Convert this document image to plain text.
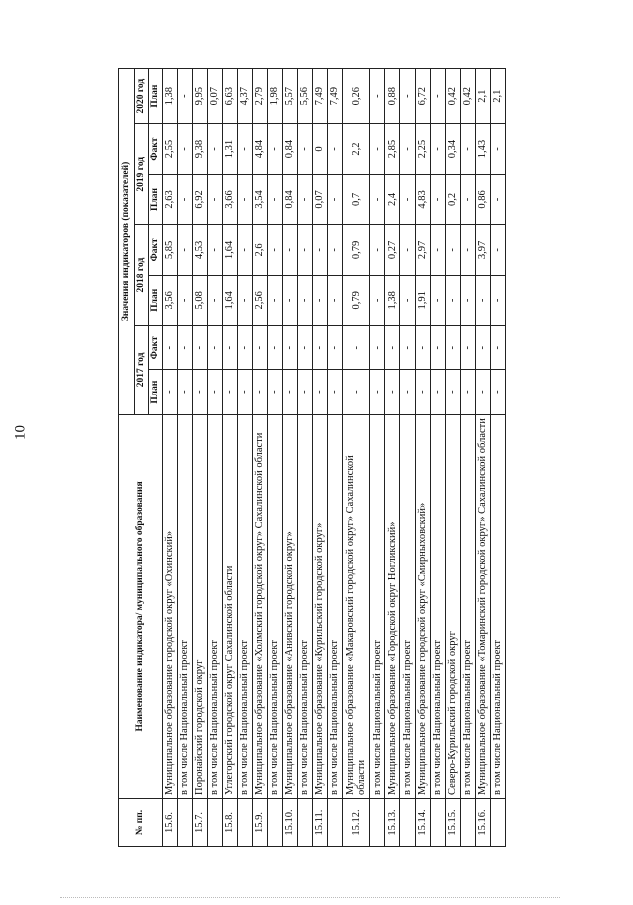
10
№ пп.	Наименование индикатора/ муниципального образования	Значения индикаторов (показателей)						
		2017 год		2018 год		2019 год		2020 год
		План	Факт	План	Факт	План	Факт	План
15.6.	Муниципальное образование городской округ «Охинский»	-	-	3,56	5,85	2,63	2,55	1,38
	в том числе Национальный проект	-	-	-	-	-	-	-
15.7.	Поронайский городской округ	-	-	5,08	4,53	6,92	9,38	9,95
	в том числе Национальный проект	-	-	-	-	-	-	0,07
15.8.	Углегорский городской округ Сахалинской области	-	-	1,64	1,64	3,66	1,31	6,63
	в том числе Национальный проект	-	-	-	-	-	-	4,37
15.9.	Муниципальное образование «Холмский городской округ» Сахалинской области	-	-	2,56	2,6	3,54	4,84	2,79
	в том числе Национальный проект	-	-	-	-	-	-	1,98
15.10.	Муниципальное образование «Анивский городской округ»	-	-	-	-	0,84	0,84	5,57
	в том числе Национальный проект	-	-	-	-	-	-	5,56
15.11.	Муниципальное образование «Курильский городской округ»	-	-	-	-	0,07	0	7,49
	в том числе Национальный проект	-	-	-	-	-	-	7,49
15.12.	Муниципальное образование «Макаровский городской округ» Сахалинской области	-	-	0,79	0,79	0,7	2,2	0,26
	в том числе Национальный проект	-	-	-	-	-	-	-
15.13.	Муниципальное образование «Городской округ Ногликский»	-	-	1,38	0,27	2,4	2,85	0,88
	в том числе Национальный проект	-	-	-	-	-	-	-
15.14.	Муниципальное образование городской округ «Смирныховский»	-	-	1,91	2,97	4,83	2,25	6,72
	в том числе Национальный проект	-	-	-	-	-	-	-
15.15.	Северо-Курильский городской округ	-	-	-	-	0,2	0,34	0,42
	в том числе Национальный проект	-	-	-	-	-	-	0,42
15.16.	Муниципальное образование «Томаринский городской округ» Сахалинской области	-	-	-	3,97	0,86	1,43	2,1
	в том числе Национальный проект	-	-	-	-	-	-	2,1
